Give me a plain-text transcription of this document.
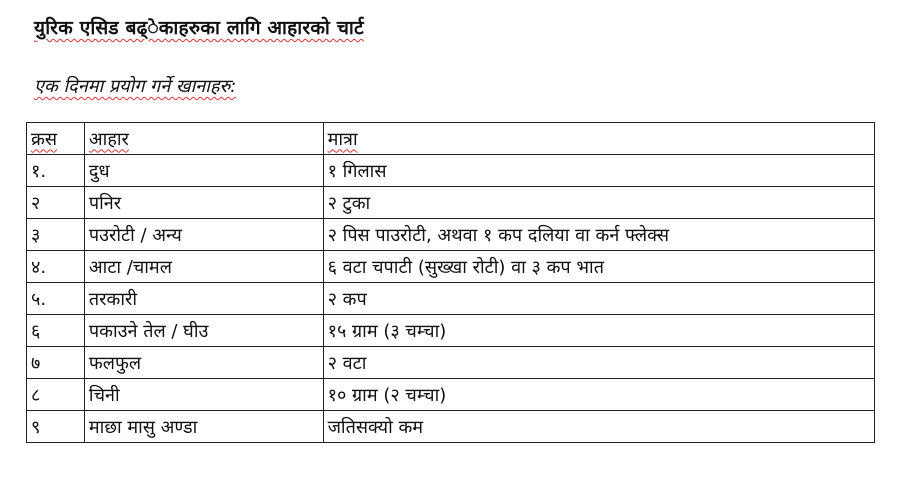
युरिक एसिड बढ्ेकाहरुका लागि आहारको चार्ट
एक दिनमा प्रयोग गर्ने खानाहरु:
क्रस	आहार	मात्रा
१.	दुध	१ गिलास
२	पनिर	२ टुका
३	पउरोटी / अन्य	२ पिस पाउरोटी, अथवा १ कप दलिया वा कर्न फ्लेक्स
४.	आटा /चामल	६ वटा चपाटी (सुख्खा रोटी) वा ३ कप भात
५.	तरकारी	२ कप
६	पकाउने तेल / घीउ	१५ ग्राम (३ चम्चा)
७	फलफुल	२ वटा
८	चिनी	१० ग्राम (२ चम्चा)
९	माछा मासु अण्डा	जतिसक्यो कम
